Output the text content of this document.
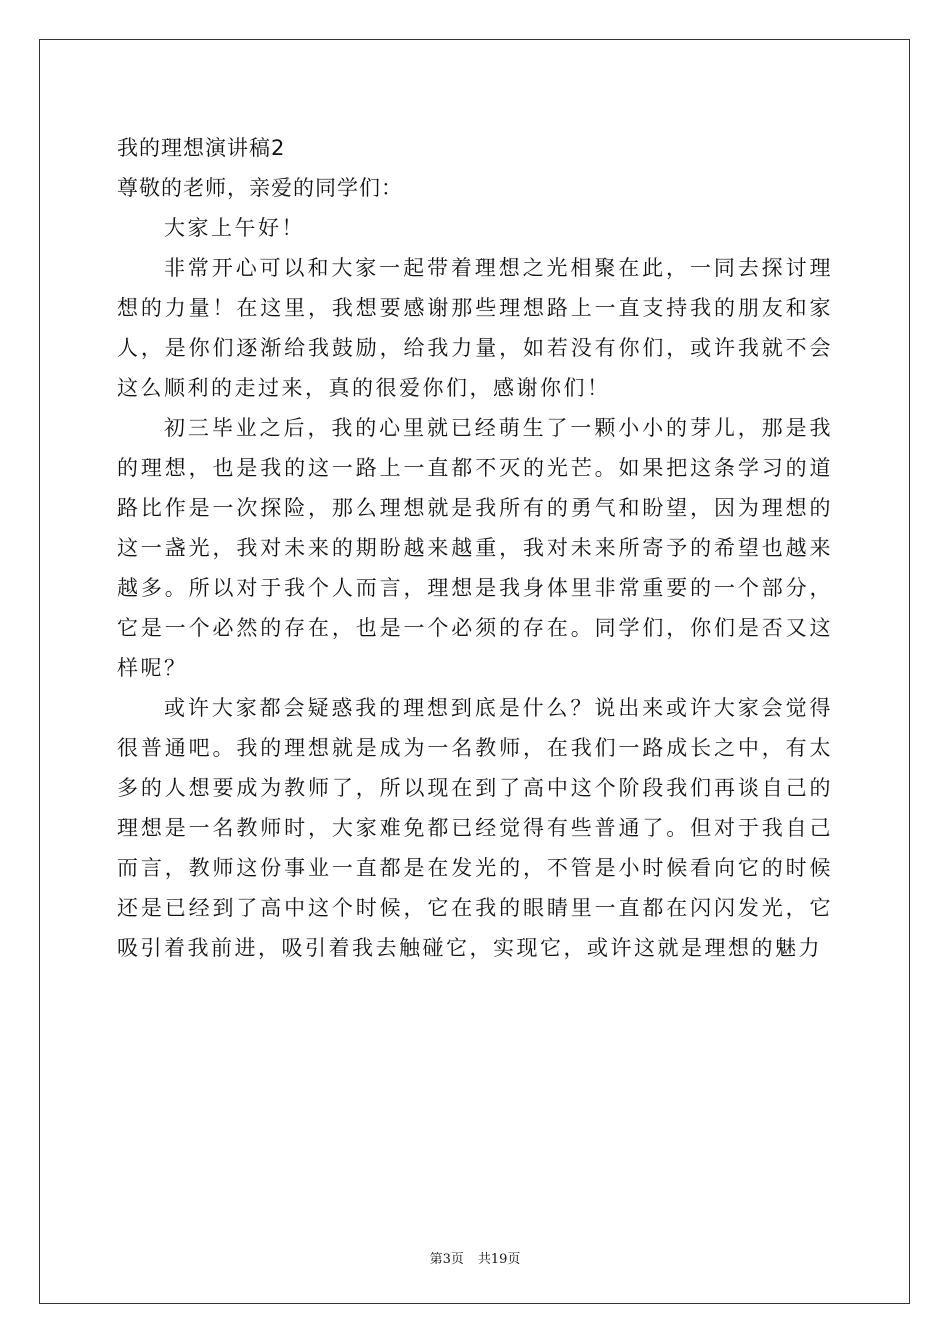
我的理想演讲稿2

尊敬的老师，亲爱的同学们：

大家上午好！

非常开心可以和大家一起带着理想之光相聚在此，一同去探讨理想的力量！在这里，我想要感谢那些理想路上一直支持我的朋友和家人，是你们逐渐给我鼓励，给我力量，如若没有你们，或许我就不会这么顺利的走过来，真的很爱你们，感谢你们！

初三毕业之后，我的心里就已经萌生了一颗小小的芽儿，那是我的理想，也是我的这一路上一直都不灭的光芒。如果把这条学习的道路比作是一次探险，那么理想就是我所有的勇气和盼望，因为理想的这一盏光，我对未来的期盼越来越重，我对未来所寄予的希望也越来越多。所以对于我个人而言，理想是我身体里非常重要的一个部分，它是一个必然的存在，也是一个必须的存在。同学们，你们是否又这样呢？

或许大家都会疑惑我的理想到底是什么？说出来或许大家会觉得很普通吧。我的理想就是成为一名教师，在我们一路成长之中，有太多的人想要成为教师了，所以现在到了高中这个阶段我们再谈自己的理想是一名教师时，大家难免都已经觉得有些普通了。但对于我自己而言，教师这份事业一直都是在发光的，不管是小时候看向它的时候还是已经到了高中这个时候，它在我的眼睛里一直都在闪闪发光，它吸引着我前进，吸引着我去触碰它，实现它，或许这就是理想的魅力

第3页 共19页
